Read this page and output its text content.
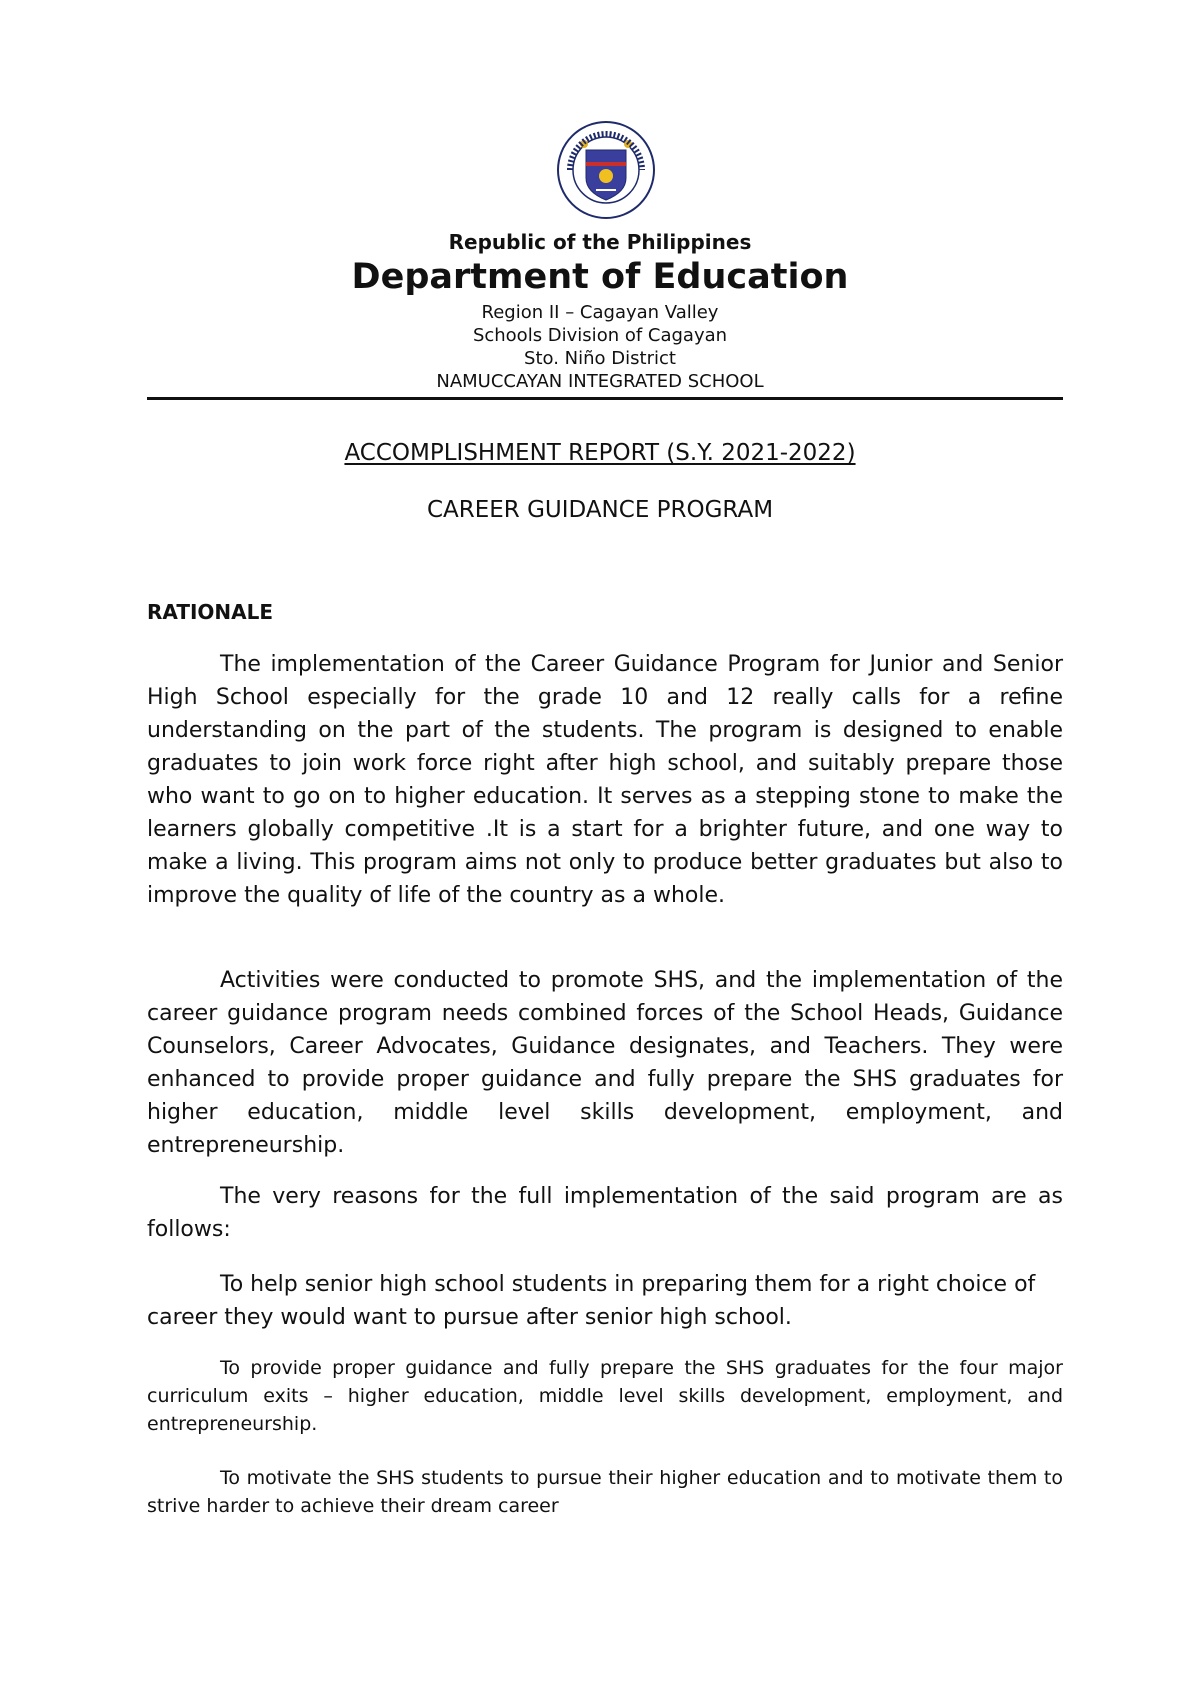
Republic of the Philippines
Department of Education
Region II – Cagayan Valley
Schools Division of Cagayan
Sto. Niño District
NAMUCCAYAN INTEGRATED SCHOOL
ACCOMPLISHMENT REPORT (S.Y. 2021-2022)
CAREER GUIDANCE PROGRAM
RATIONALE

The implementation of the Career Guidance Program for Junior and Senior High School especially for the grade 10 and 12 really calls for a refine understanding on the part of the students. The program is designed to enable graduates to join work force right after high school, and suitably prepare those who want to go on to higher education. It serves as a stepping stone to make the learners globally competitive .It is a start for a brighter future, and one way to make a living. This program aims not only to produce better graduates but also to improve the quality of life of the country as a whole.

Activities were conducted to promote SHS, and the implementation of the career guidance program needs combined forces of the School Heads, Guidance Counselors, Career Advocates, Guidance designates, and Teachers. They were enhanced to provide proper guidance and fully prepare the SHS graduates for higher education, middle level skills development, employment, and entrepreneurship.

The very reasons for the full implementation of the said program are as follows:

To help senior high school students in preparing them for a right choice of career they would want to pursue after senior high school.

To provide proper guidance and fully prepare the SHS graduates for the four major curriculum exits – higher education, middle level skills development, employment, and entrepreneurship.

To motivate the SHS students to pursue their higher education and to motivate them to strive harder to achieve their dream career
